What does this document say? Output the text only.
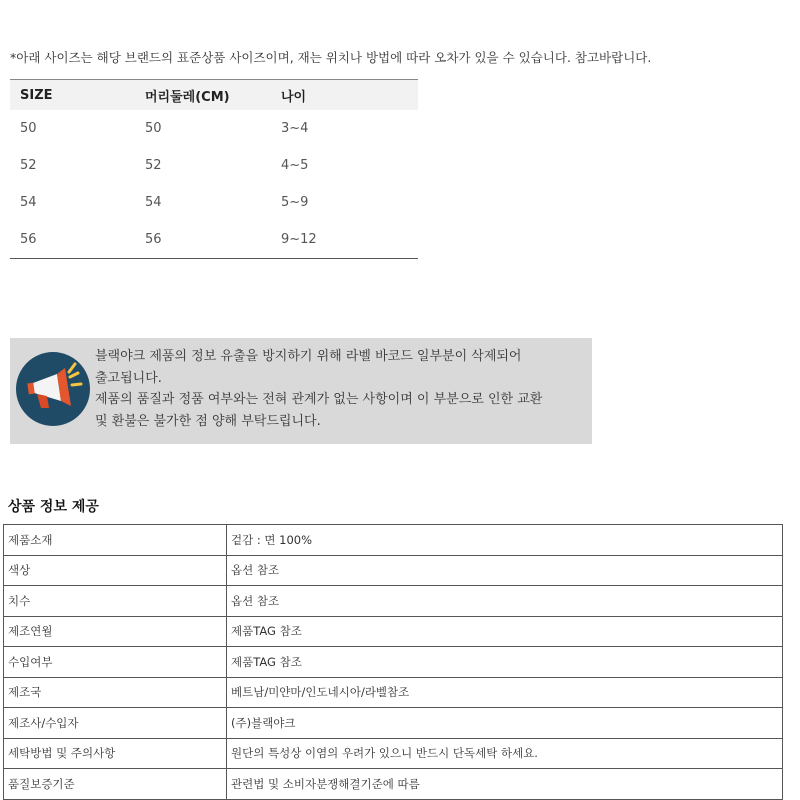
*아래 사이즈는 해당 브랜드의 표준상품 사이즈이며, 재는 위치나 방법에 따라 오차가 있을 수 있습니다. 참고바랍니다.
SIZE	머리둘레(CM)	나이
50	50	3~4
52	52	4~5
54	54	5~9
56	56	9~12
블랙야크 제품의 정보 유출을 방지하기 위해 라벨 바코드 일부분이 삭제되어
출고됩니다.
제품의 품질과 정품 여부와는 전혀 관계가 없는 사항이며 이 부분으로 인한 교환
및 환불은 불가한 점 양해 부탁드립니다.
상품 정보 제공
제품소재	겉감 : 면 100%
색상	옵션 참조
치수	옵션 참조
제조연월	제품TAG 참조
수입여부	제품TAG 참조
제조국	베트남/미얀마/인도네시아/라벨참조
제조사/수입자	(주)블랙야크
세탁방법 및 주의사항	원단의 특성상 이염의 우려가 있으니 반드시 단독세탁 하세요.
품질보증기준	관련법 및 소비자분쟁해결기준에 따름
